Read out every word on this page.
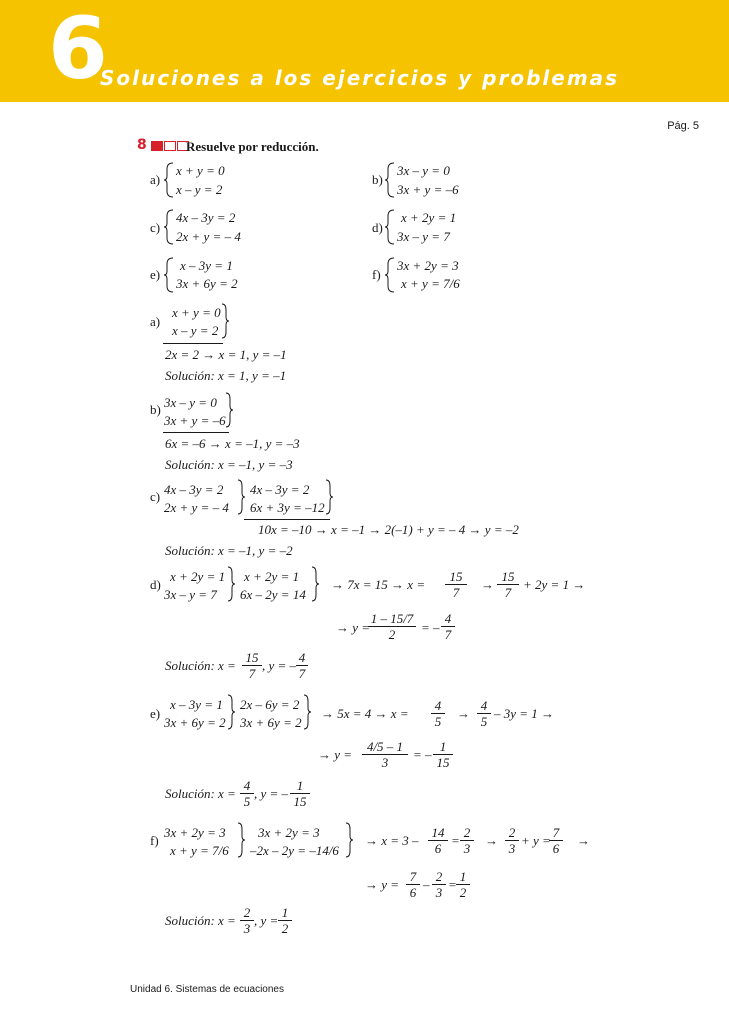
6
Soluciones a los ejercicios y problemas
Pág. 5
8	Resuelve por reducción.
a)
x + y = 0
x – y = 2
b)
3x – y = 0
3x + y = –6
c)
4x – 3y = 2
2x + y = – 4
d)
x + 2y = 1
3x – y = 7
e)
x – 3y = 1
3x + 6y = 2
f)
3x + 2y = 3
x + y = 7/6
a)
x + y = 0
x – y = 2
2x = 2 → x = 1, y = –1
Solución: x = 1, y = –1
b) 3x – y = 0
3x + y = –6
6x = –6 → x = –1, y = –3
Solución: x = –1, y = –3
c) 4x – 3y = 2
2x + y = – 4
4x – 3y = 2
6x + 3y = –12
10x = –10 → x = –1 → 2(–1) + y = – 4 → y = –2
Solución: x = –1, y = –2
d)
x + 2y = 1
3x – y = 7
x + 2y = 1
6x – 2y = 14
→ $7x = 15 \to x = \frac{15}{7} \to \frac{15}{7} + 2y = 1$ →
→ y =
$\frac{1 - 15/7}{2}$ = – $\frac{4}{7}$
Solución: $x = \frac{15}{7}$ , y = – $\frac{4}{7}$
e)
x – 3y = 1
3x + 6y = 2
2x – 6y = 2
3x + 6y = 2
→ $5x = 4 \to x = \frac{4}{5} \to \frac{4}{5} - 3y = 1$ →
→ $y = \frac{4/5 - 1}{3}$ = – $\frac{1}{15}$
Solución: $x = \frac{4}{5}$ , y = – $\frac{1}{15}$
f)
3x + 2y = 3
x + y = 7/6
3x + 2y = 3
–2x – 2y = –14/6
→ $x = 3 - \frac{14}{6} = \frac{2}{3} \to \frac{2}{3} + y$ =
$\frac{7}{6}$ →
→ $y = \frac{7}{6} - \frac{2}{3} = \frac{1}{2}$
Solución: $x = \frac{2}{3}$ , $y = \frac{1}{2}$
Unidad 6. Sistemas de ecuaciones
